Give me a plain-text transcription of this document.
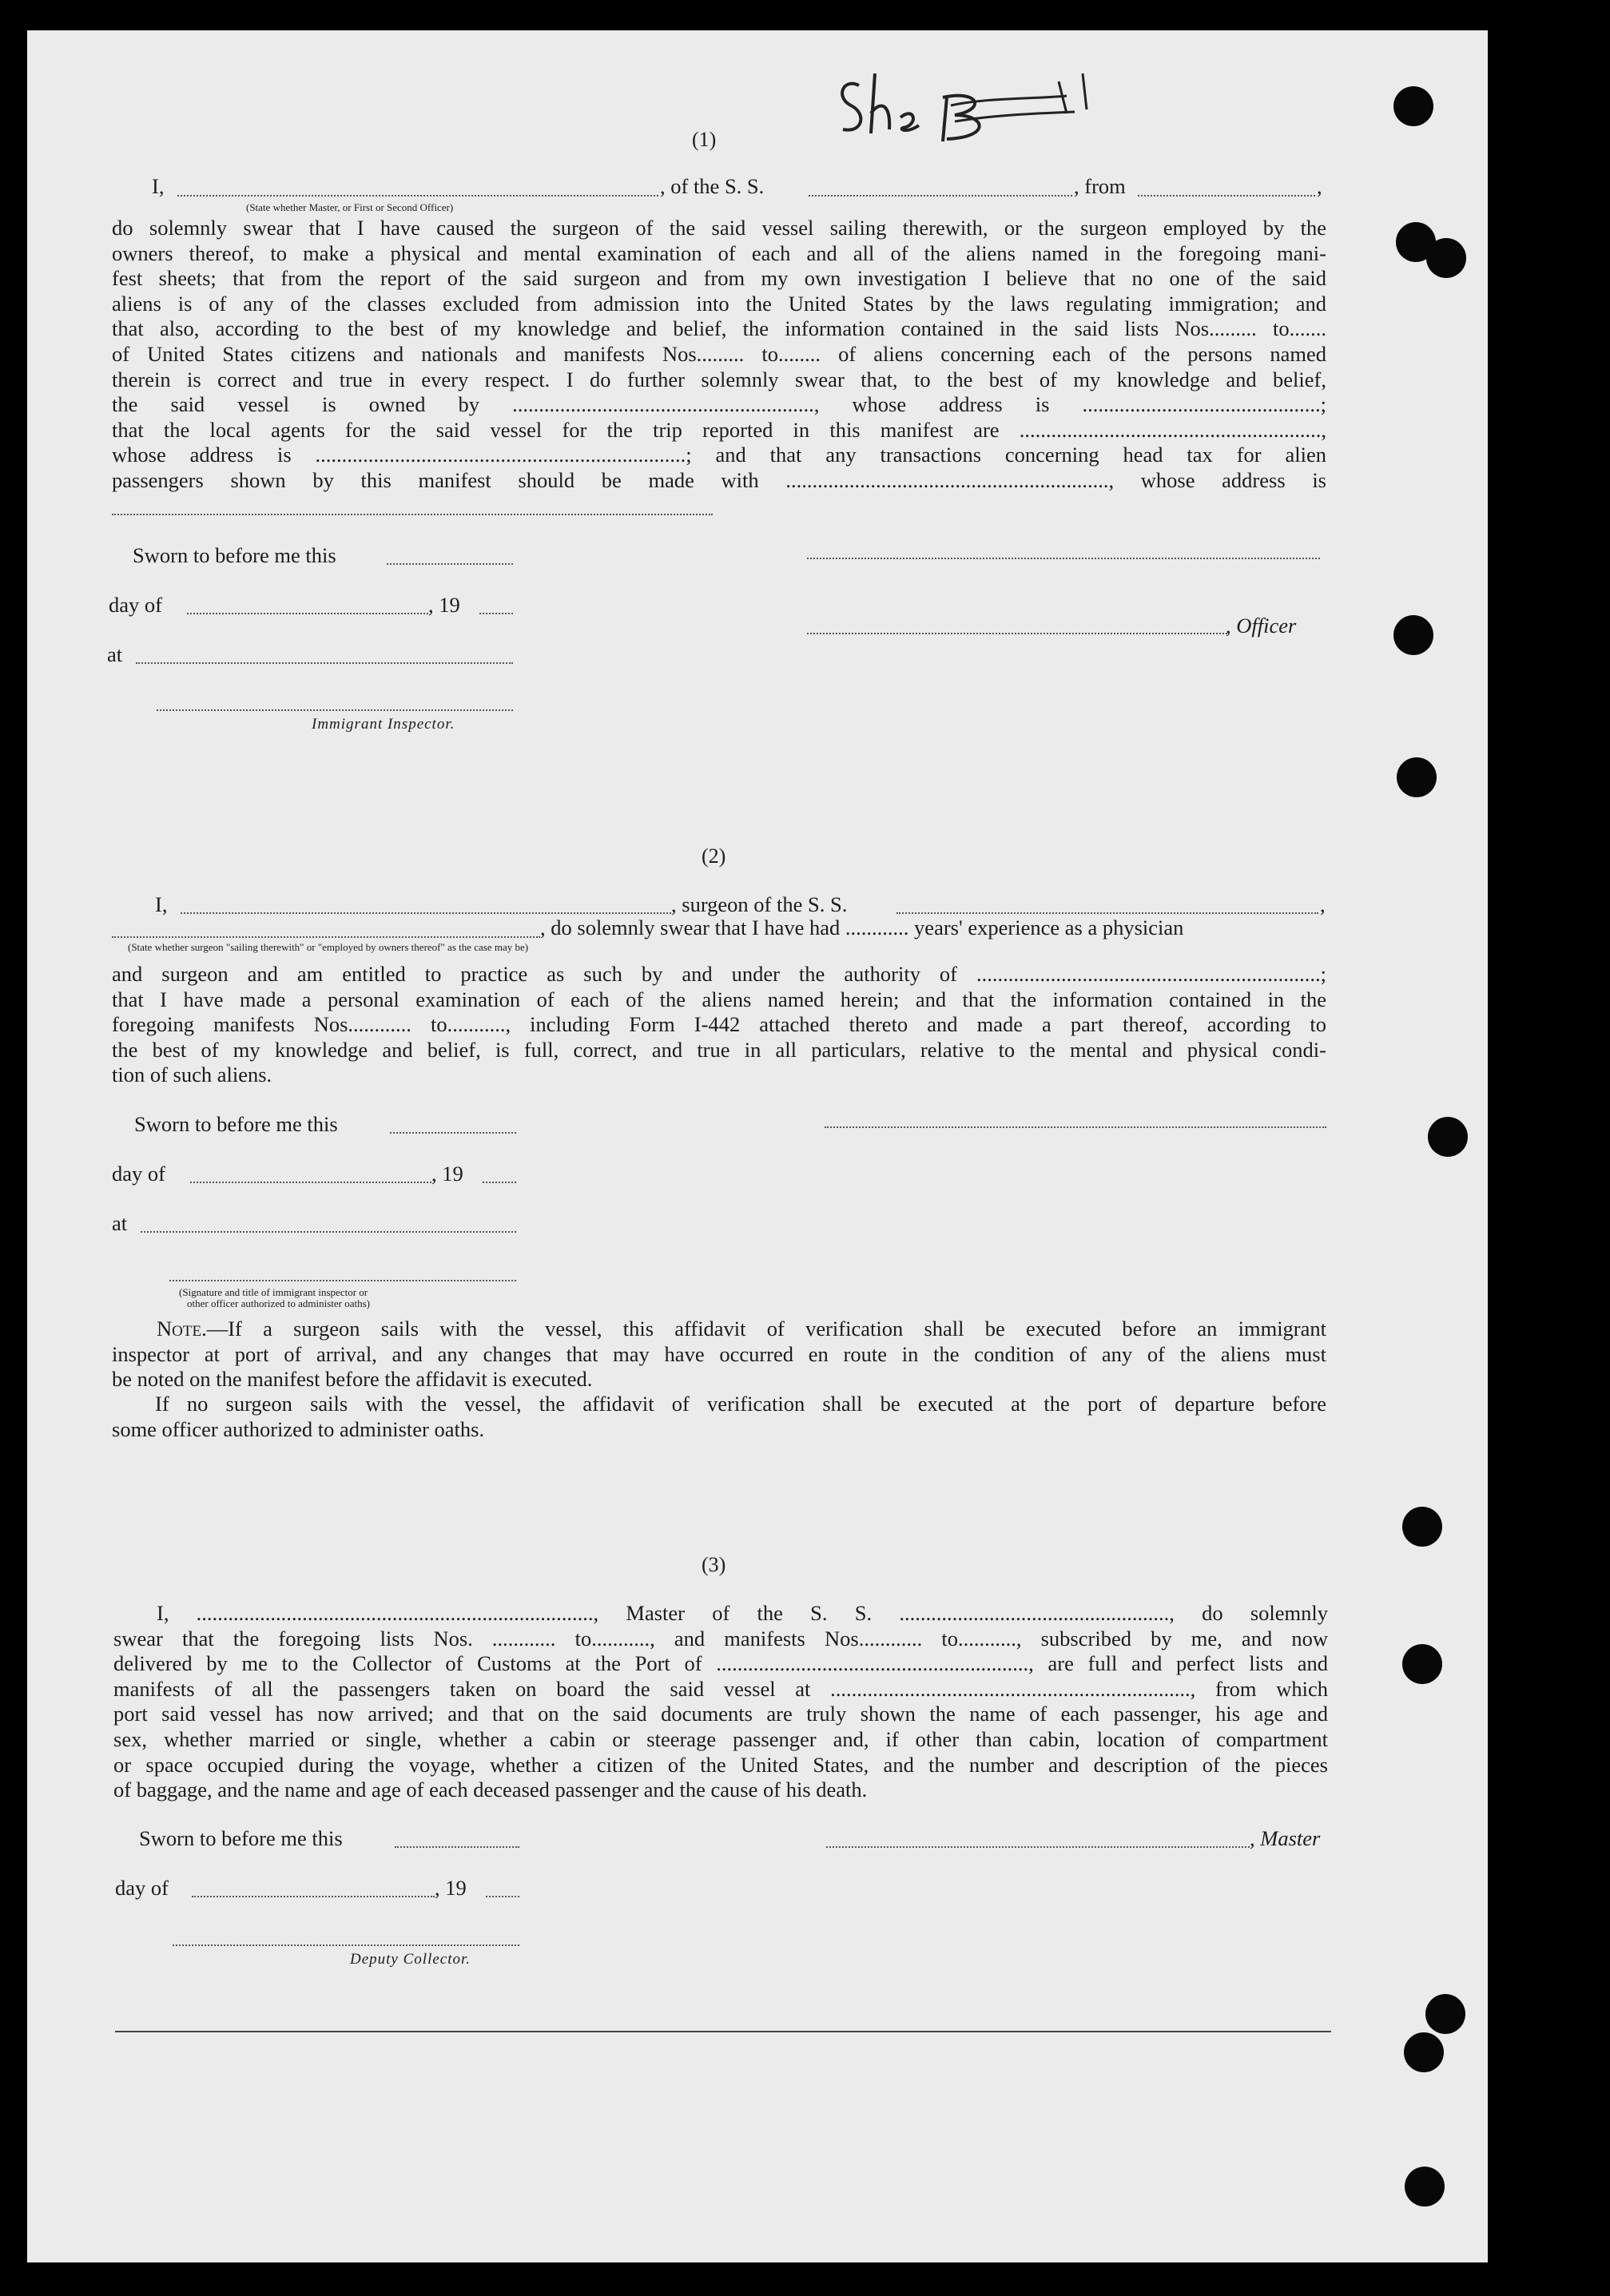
(1)
I,	, of the S. S.	, from	,
(State whether Master, or First or Second Officer)
do solemnly swear that I have caused the surgeon of the said vessel sailing therewith, or the surgeon employed by the
owners thereof, to make a physical and mental examination of each and all of the aliens named in the foregoing mani-
fest sheets; that from the report of the said surgeon and from my own investigation I believe that no one of the said
aliens is of any of the classes excluded from admission into the United States by the laws regulating immigration; and
that also, according to the best of my knowledge and belief, the information contained in the said lists Nos......... to.......
of United States citizens and nationals and manifests Nos......... to........ of aliens concerning each of the persons named
therein is correct and true in every respect. I do further solemnly swear that, to the best of my knowledge and belief,
the said vessel is owned by ........................................................., whose address is .............................................;
that the local agents for the said vessel for the trip reported in this manifest are .........................................................,
whose address is ......................................................................; and that any transactions concerning head tax for alien
passengers shown by this manifest should be made with ............................................................., whose address is
Sworn to before me this
day of	, 19
, Officer
at
Immigrant Inspector.
(2)
I,	, surgeon of the S. S.	,
, do solemnly swear that I have had ............ years' experience as a physician
(State whether surgeon "sailing therewith" or "employed by owners thereof" as the case may be)
and surgeon and am entitled to practice as such by and under the authority of .................................................................;
that I have made a personal examination of each of the aliens named herein; and that the information contained in the
foregoing manifests Nos............ to..........., including Form I-442 attached thereto and made a part thereof, according to
the best of my knowledge and belief, is full, correct, and true in all particulars, relative to the mental and physical condi-
tion of such aliens.
Sworn to before me this
day of	, 19
at
(Signature and title of immigrant inspector or
other officer authorized to administer oaths)
Note.—If a surgeon sails with the vessel, this affidavit of verification shall be executed before an immigrant
inspector at port of arrival, and any changes that may have occurred en route in the condition of any of the aliens must
be noted on the manifest before the affidavit is executed.
If no surgeon sails with the vessel, the affidavit of verification shall be executed at the port of departure before
some officer authorized to administer oaths.
(3)
I, ..........................................................................., Master of the S. S. ..................................................., do solemnly
swear that the foregoing lists Nos. ............ to..........., and manifests Nos............ to..........., subscribed by me, and now
delivered by me to the Collector of Customs at the Port of ..........................................................., are full and perfect lists and
manifests of all the passengers taken on board the said vessel at ...................................................................., from which
port said vessel has now arrived; and that on the said documents are truly shown the name of each passenger, his age and
sex, whether married or single, whether a cabin or steerage passenger and, if other than cabin, location of compartment
or space occupied during the voyage, whether a citizen of the United States, and the number and description of the pieces
of baggage, and the name and age of each deceased passenger and the cause of his death.
Sworn to before me this	, Master
day of	, 19
Deputy Collector.
